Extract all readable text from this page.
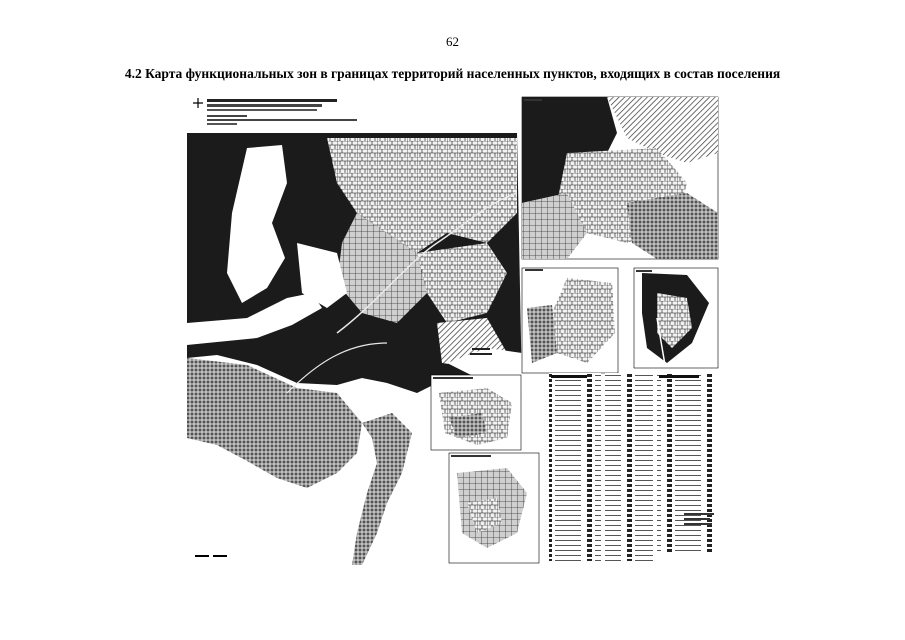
62
4.2 Карта функциональных зон в границах территорий населенных пунктов, входящих в состав поселения
